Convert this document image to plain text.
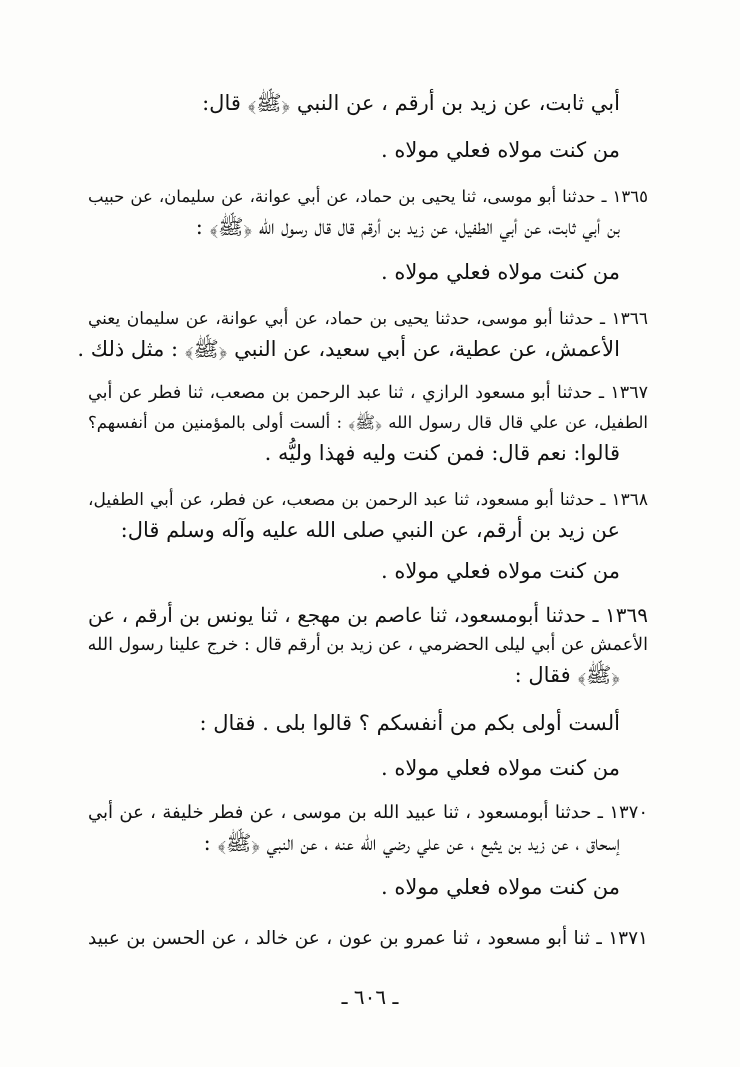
أبي ثابت، عن زيد بن أرقم ، عن النبي ﴿ﷺ﴾ قال:
من كنت مولاه فعلي مولاه .
١٣٦٥ ـ حدثنا أبو موسى، ثنا يحيى بن حماد، عن أبي عوانة، عن سليمان، عن حبيب
بن أبي ثابت، عن أبي الطفيل، عن زيد بن أرقم قال قال رسول الله ﴿ﷺ﴾ :
من كنت مولاه فعلي مولاه .
١٣٦٦ ـ حدثنا أبو موسى، حدثنا يحيى بن حماد، عن أبي عوانة، عن سليمان يعني
الأعمش، عن عطية، عن أبي سعيد، عن النبي ﴿ﷺ﴾ : مثل ذلك .
١٣٦٧ ـ حدثنا أبو مسعود الرازي ، ثنا عبد الرحمن بن مصعب، ثنا فطر عن أبي
الطفيل، عن علي قال قال رسول الله ﴿ﷺ﴾ : ألست أولى بالمؤمنين من أنفسهم؟
قالوا: نعم قال: فمن كنت وليه فهذا وليُّه .
١٣٦٨ ـ حدثنا أبو مسعود، ثنا عبد الرحمن بن مصعب، عن فطر، عن أبي الطفيل،
عن زيد بن أرقم، عن النبي صلى الله عليه وآله وسلم قال:
من كنت مولاه فعلي مولاه .
١٣٦٩ ـ حدثنا أبومسعود، ثنا عاصم بن مهجع ، ثنا يونس بن أرقم ، عن
الأعمش عن أبي ليلى الحضرمي ، عن زيد بن أرقم قال : خرج علينا رسول الله
﴿ﷺ﴾ فقال :
ألست أولى بكم من أنفسكم ؟ قالوا بلى . فقال :
من كنت مولاه فعلي مولاه .
١٣٧٠ ـ حدثنا أبومسعود ، ثنا عبيد الله بن موسى ، عن فطر خليفة ، عن أبي
إسحاق ، عن زيد بن يثيع ، عن علي رضي الله عنه ، عن النبي ﴿ﷺ﴾ :
من كنت مولاه فعلي مولاه .
١٣٧١ ـ ثنا أبو مسعود ، ثنا عمرو بن عون ، عن خالد ، عن الحسن بن عبيد
ـ ٦٠٦ ـ
